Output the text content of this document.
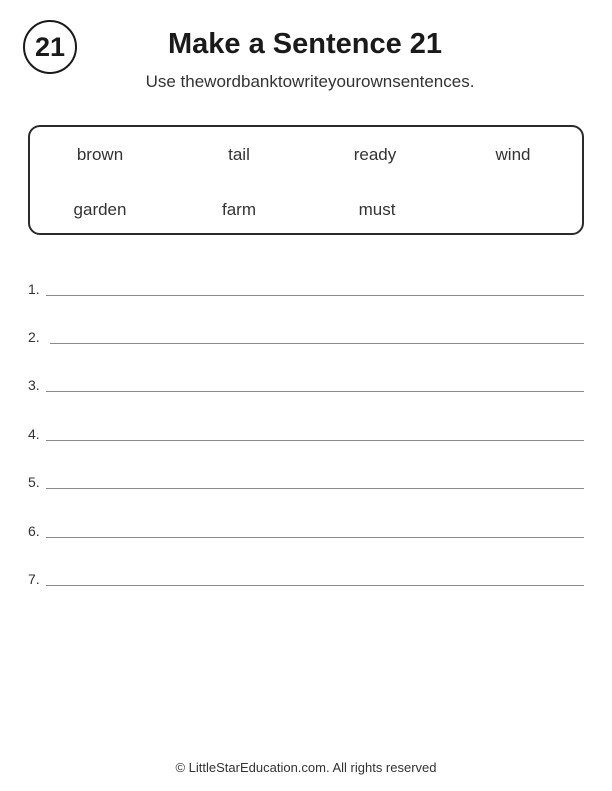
21	Make a Sentence 21
Use thewordbanktowriteyourownsentences.
brown	tail	ready	wind
garden	farm	must
1.
2.
3.
4.
5.
6.
7.
© LittleStarEducation.com. All rights reserved
